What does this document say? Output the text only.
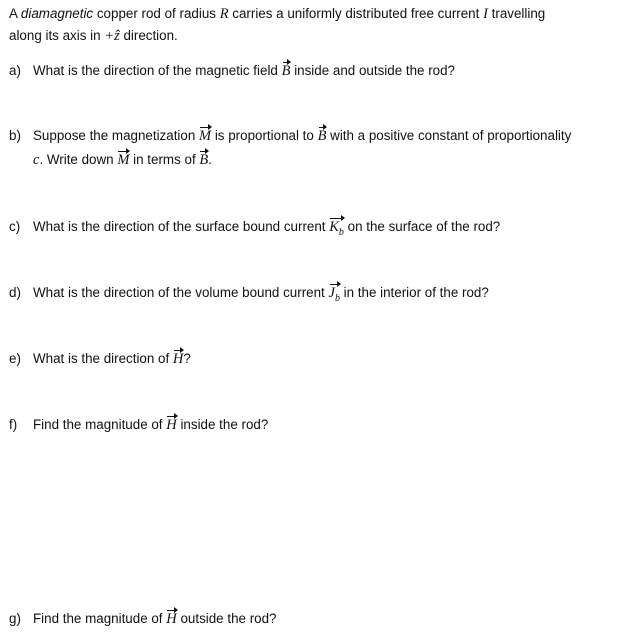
A diamagnetic copper rod of radius R carries a uniformly distributed free current I travelling
along its axis in +ẑ direction.
a) What is the direction of the magnetic field B inside and outside the rod?
b) Suppose the magnetization M is proportional to B with a positive constant of proportionality
c. Write down M in terms of B.
c) What is the direction of the surface bound current $K_b$ on the surface of the rod?
d) What is the direction of the volume bound current $J_b$ in the interior of the rod?
e) What is the direction of H?
f) Find the magnitude of H inside the rod?
g) Find the magnitude of H outside the rod?
